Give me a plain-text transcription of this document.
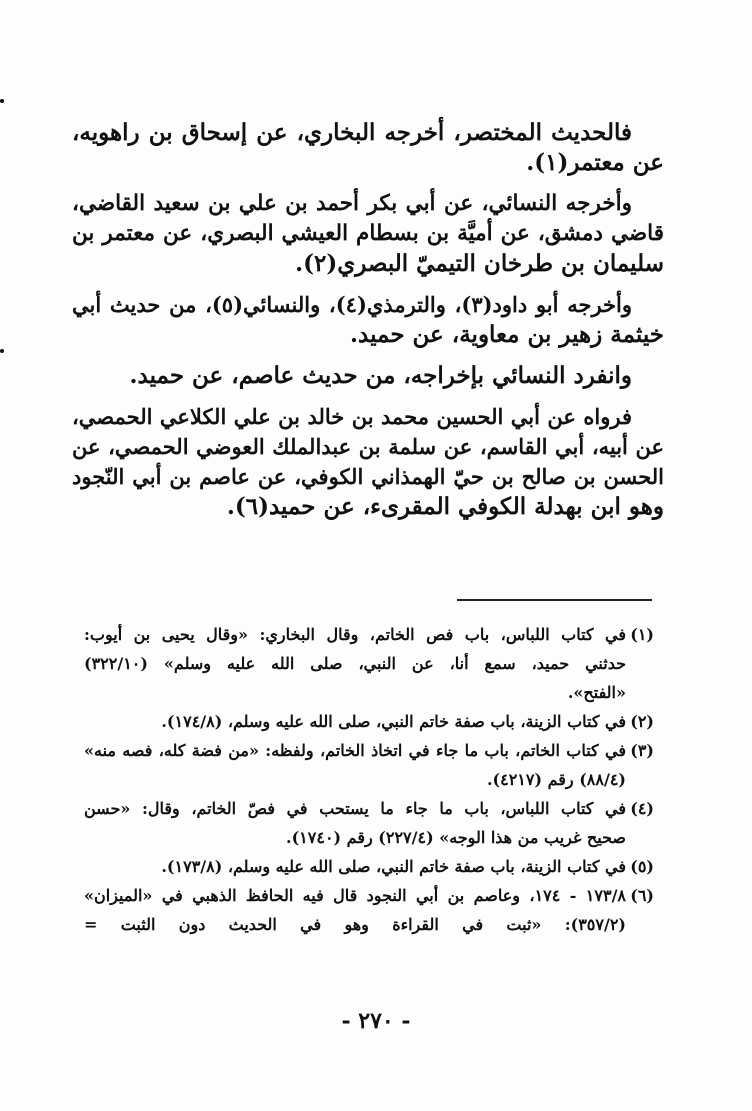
فالحديث المختصر، أخرجه البخاري، عن إسحاق بن راهويه،
عن معتمر(١).
وأخرجه النسائي، عن أبي بكر أحمد بن علي بن سعيد القاضي،
قاضي دمشق، عن أميَّة بن بسطام العيشي البصري، عن معتمر بن
سليمان بن طرخان التيميّ البصري(٢).
وأخرجه أبو داود(٣)، والترمذي(٤)، والنسائي(٥)، من حديث أبي
خيثمة زهير بن معاوية، عن حميد.
وانفرد النسائي بإخراجه، من حديث عاصم، عن حميد.
فرواه عن أبي الحسين محمد بن خالد بن علي الكلاعي الحمصي،
عن أبيه، أبي القاسم، عن سلمة بن عبدالملك العوضي الحمصي، عن
الحسن بن صالح بن حيّ الهمذاني الكوفي، عن عاصم بن أبي النّجود
وهو ابن بهدلة الكوفي المقرىء، عن حميد(٦).
(١)في كتاب اللباس، باب فص الخاتم، وقال البخاري: «وقال يحيى بن أيوب:
حدثني حميد، سمع أنا، عن النبي، صلى الله عليه وسلم» (٣٢٢/١٠)
«الفتح».
(٢)في كتاب الزينة، باب صفة خاتم النبي، صلى الله عليه وسلم، (١٧٤/٨).
(٣)في كتاب الخاتم، باب ما جاء في اتخاذ الخاتم، ولفظه: «من فضة كله، فصه منه»
(٨٨/٤) رقم (٤٢١٧).
(٤)في كتاب اللباس، باب ما جاء ما يستحب في فصّ الخاتم، وقال: «حسن
صحيح غريب من هذا الوجه» (٢٢٧/٤) رقم (١٧٤٠).
(٥)في كتاب الزينة، باب صفة خاتم النبي، صلى الله عليه وسلم، (١٧٣/٨).
(٦)١٧٣/٨ - ١٧٤، وعاصم بن أبي النجود قال فيه الحافظ الذهبي في «الميزان»
(٣٥٧/٢): «ثبت في القراءة وهو في الحديث دون الثبت =
- ٢٧٠ -
